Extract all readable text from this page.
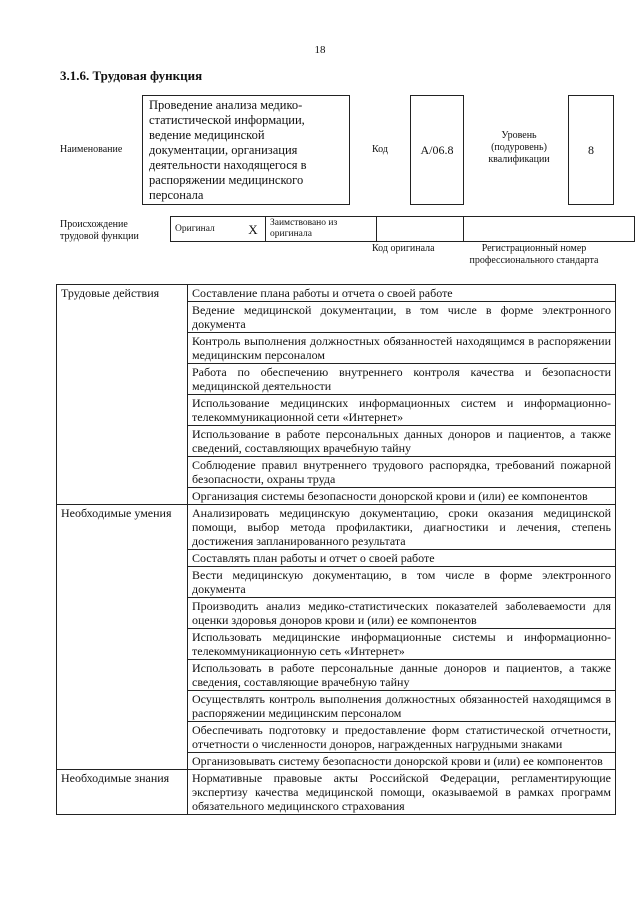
18
3.1.6. Трудовая функция
Наименование
Проведение анализа медико-статистической информации, ведение медицинской документации, организация деятельности находящегося в распоряжении медицинского персонала
Код	А/06.8
Уровень (подуровень) квалификации
8
Происхождение трудовой функции
Оригинал	X	Заимствовано из оригинала		
Код оригинала	Регистрационный номер профессионального стандарта
Трудовые действия	Составление плана работы и отчета о своей работе
	Ведение медицинской документации, в том числе в форме электронного документа
	Контроль выполнения должностных обязанностей находящимся в распоряжении медицинским персоналом
	Работа по обеспечению внутреннего контроля качества и безопасности медицинской деятельности
	Использование медицинских информационных систем и информационно-телекоммуникационной сети «Интернет»
	Использование в работе персональных данных доноров и пациентов, а также сведений, составляющих врачебную тайну
	Соблюдение правил внутреннего трудового распорядка, требований пожарной безопасности, охраны труда
	Организация системы безопасности донорской крови и (или) ее компонентов
Необходимые умения	Анализировать медицинскую документацию, сроки оказания медицинской помощи, выбор метода профилактики, диагностики и лечения, степень достижения запланированного результата
	Составлять план работы и отчет о своей работе
	Вести медицинскую документацию, в том числе в форме электронного документа
	Производить анализ медико-статистических показателей заболеваемости для оценки здоровья доноров крови и (или) ее компонентов
	Использовать медицинские информационные системы и информационно-телекоммуникационную сеть «Интернет»
	Использовать в работе персональные данные доноров и пациентов, а также сведения, составляющие врачебную тайну
	Осуществлять контроль выполнения должностных обязанностей находящимся в распоряжении медицинским персоналом
	Обеспечивать подготовку и предоставление форм статистической отчетности, отчетности о численности доноров, награжденных нагрудными знаками
	Организовывать систему безопасности донорской крови и (или) ее компонентов
Необходимые знания	Нормативные правовые акты Российской Федерации, регламентирующие экспертизу качества медицинской помощи, оказываемой в рамках программ обязательного медицинского страхования
